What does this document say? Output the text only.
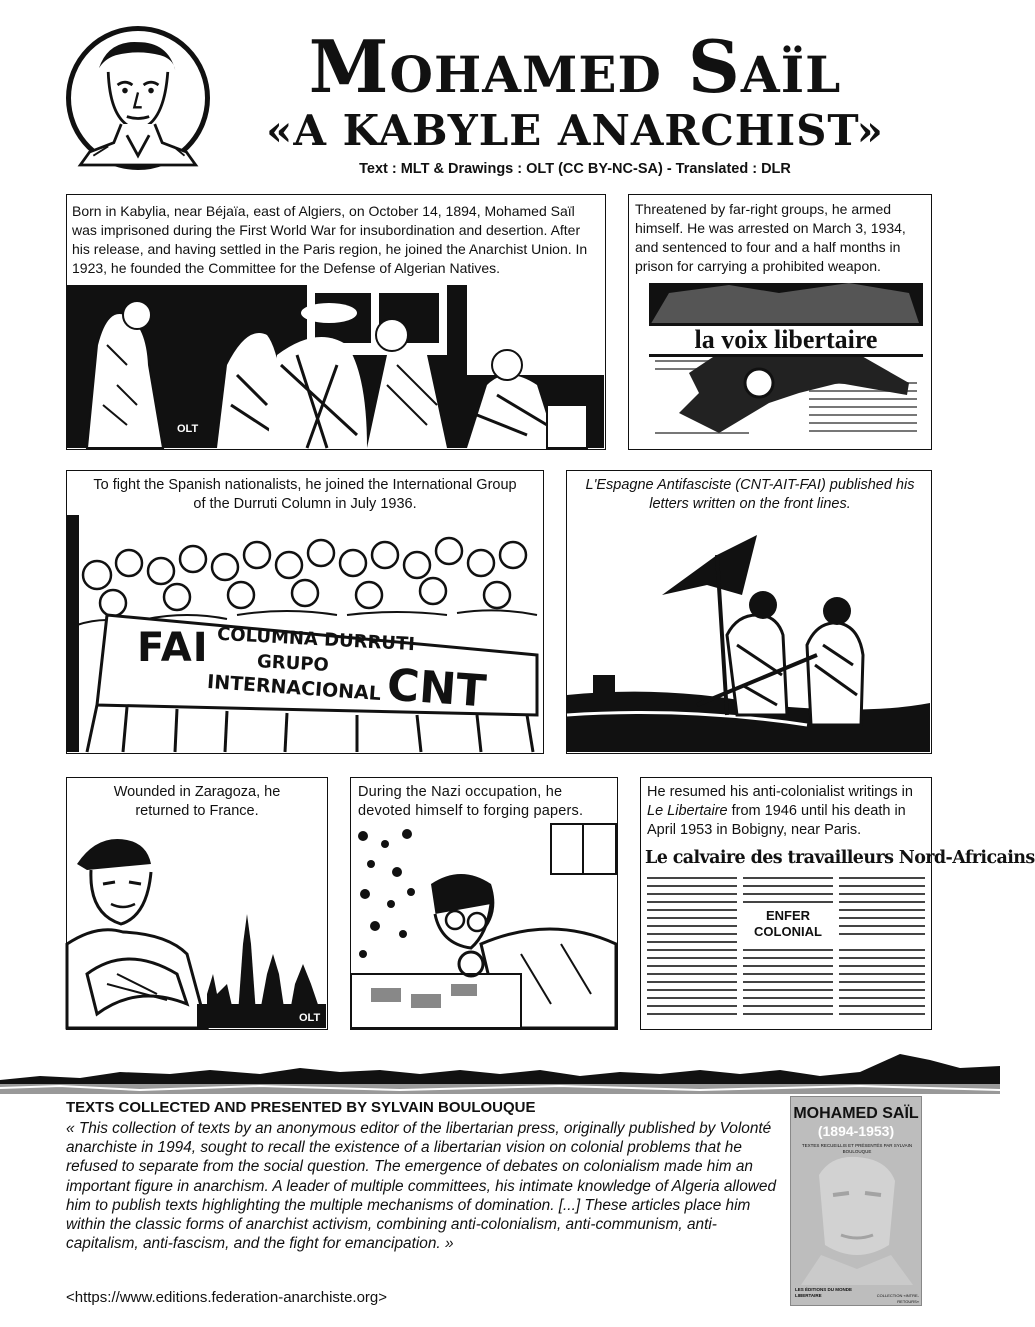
Mohamed Saïl
«A KABYLE ANARCHIST»
Text : MLT & Drawings : OLT (CC BY-NC-SA) - Translated : DLR
Born in Kabylia, near Béjaïa, east of Algiers, on October 14, 1894, Mohamed Saïl was imprisoned during the First World War for insubordination and desertion. After his release, and having settled in the Paris region, he joined the Anarchist Union. In 1923, he founded the Committee for the Defense of Algerian Natives.
OLT
Threatened by far-right groups, he armed himself. He was arrested on March 3, 1934, and sentenced to four and a half months in prison for carrying a prohibited weapon.
la voix libertaire
To fight the Spanish nationalists, he joined the International Group of the Durruti Column in July 1936.
FAI COLUMNA DURRUTI
GRUPO
INTERNACIONAL CNT
L'Espagne Antifasciste (CNT-AIT-FAI) published his letters written on the front lines.
Wounded in Zaragoza, he returned to France.
OLT
During the Nazi occupation, he devoted himself to forging papers.
He resumed his anti-colonialist writings in Le Libertaire from 1946 until his death in April 1953 in Bobigny, near Paris.
Le calvaire des travailleurs Nord-Africains
ENFER
COLONIAL
TEXTS COLLECTED AND PRESENTED BY SYLVAIN BOULOUQUE
« This collection of texts by an anonymous editor of the libertarian press, originally published by Volonté anarchiste in 1994, sought to recall the existence of a libertarian vision on colonial problems that he refused to separate from the social question. The emergence of debates on colonialism made him an important figure in anarchism. A leader of multiple committees, his intimate knowledge of Algeria allowed him to publish texts highlighting the multiple mechanisms of domination. [...] These articles place him within the classic forms of anarchist activism, combining anti-colonialism, anti-communism, anti-capitalism, anti-fascism, and the fight for emancipation. »
<https://www.editions.federation-anarchiste.org>
MOHAMED SAÏL
(1894-1953)
TEXTES RECUEILLIS ET PRÉSENTÉS PAR SYLVAIN BOULOUQUE
LES ÉDITIONS DU MONDE LIBERTAIRE	COLLECTION «INTRE-RETOURS»
